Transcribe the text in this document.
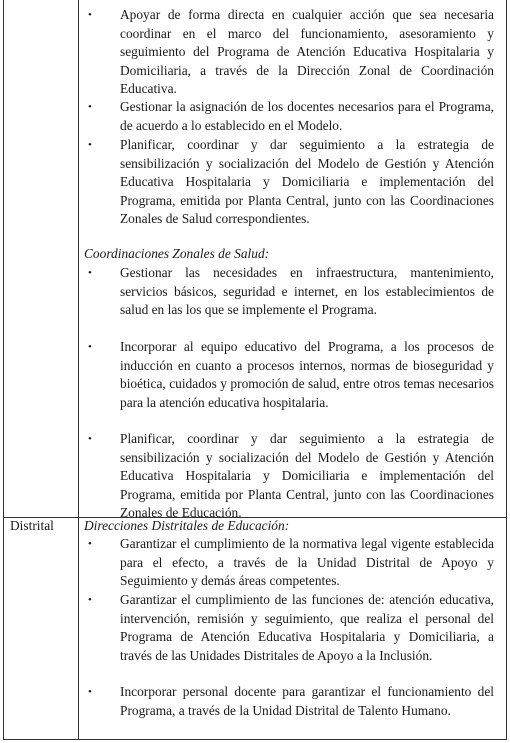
• Apoyar de forma directa en cualquier acción que sea necesaria coordinar en el marco del funcionamiento, asesoramiento y seguimiento del Programa de Atención Educativa Hospitalaria y Domiciliaria, a través de la Dirección Zonal de Coordinación Educativa.

• Gestionar la asignación de los docentes necesarios para el Programa, de acuerdo a lo establecido en el Modelo.

• Planificar, coordinar y dar seguimiento a la estrategia de sensibilización y socialización del Modelo de Gestión y Atención Educativa Hospitalaria y Domiciliaria e implementación del Programa, emitida por Planta Central, junto con las Coordinaciones Zonales de Salud correspondientes.

Coordinaciones Zonales de Salud:

• Gestionar las necesidades en infraestructura, mantenimiento, servicios básicos, seguridad e internet, en los establecimientos de salud en las los que se implemente el Programa.

• Incorporar al equipo educativo del Programa, a los procesos de inducción en cuanto a procesos internos, normas de bioseguridad y bioética, cuidados y promoción de salud, entre otros temas necesarios para la atención educativa hospitalaria.

• Planificar, coordinar y dar seguimiento a la estrategia de sensibilización y socialización del Modelo de Gestión y Atención Educativa Hospitalaria y Domiciliaria e implementación del Programa, emitida por Planta Central, junto con las Coordinaciones Zonales de Educación.

Distrital Direcciones Distritales de Educación:

• Garantizar el cumplimiento de la normativa legal vigente establecida para el efecto, a través de la Unidad Distrital de Apoyo y Seguimiento y demás áreas competentes.

• Garantizar el cumplimiento de las funciones de: atención educativa, intervención, remisión y seguimiento, que realiza el personal del Programa de Atención Educativa Hospitalaria y Domiciliaria, a través de las Unidades Distritales de Apoyo a la Inclusión.

• Incorporar personal docente para garantizar el funcionamiento del Programa, a través de la Unidad Distrital de Talento Humano.
